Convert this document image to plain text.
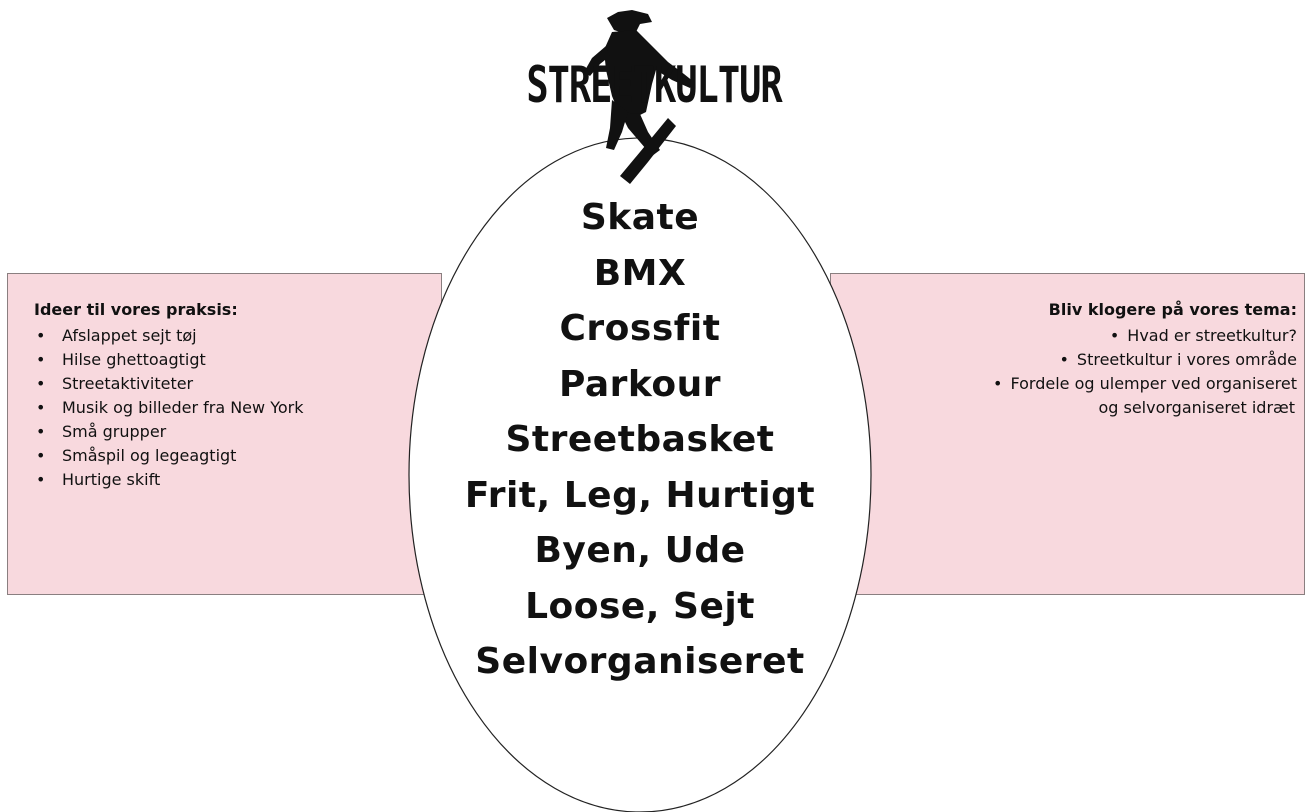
Ideer til vores praksis:
• Afslappet sejt tøj
• Hilse ghettoagtigt
• Streetaktiviteter
• Musik og billeder fra New York
• Små grupper
• Småspil og legeagtigt
• Hurtige skift
Bliv klogere på vores tema:
• Hvad er streetkultur?
• Streetkultur i vores område
• Fordele og ulemper ved organiseret
og selvorganiseret idræt
STREETKULTUR
Skate
BMX
Crossfit
Parkour
Streetbasket
Frit, Leg, Hurtigt
Byen, Ude
Loose, Sejt
Selvorganiseret
